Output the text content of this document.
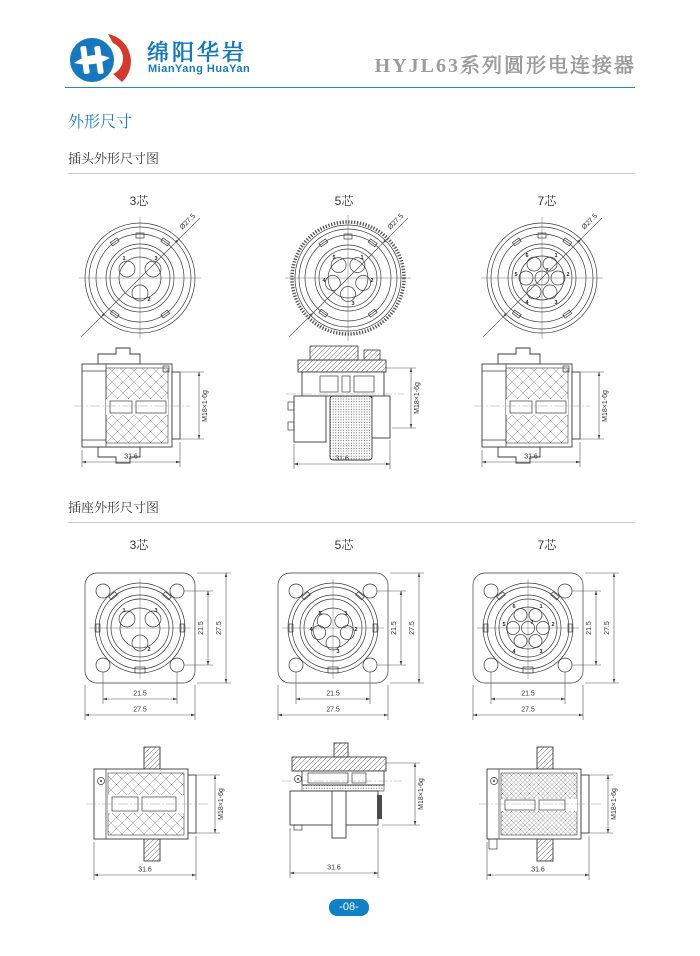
绵阳华岩
MianYang HuaYan	HYJL63系列圆形电连接器
外形尺寸
插头外形尺寸图
3芯	5芯	7芯
1	3
2
Ø27.5
1
2
3
4
5
Ø27.5
1
2
3
4
5
6
7
Ø27.5
31.6
M18×1-6g
31.6
M18×1-6g
31.6
M18×1-6g
插座外形尺寸图
3芯	5芯	7芯
1	3
2
21.5 27.5
21.5
27.5
1
2
3
4
5
21.5 27.5
21.5
27.5
1
2
3
4
5
6
7	21.5 27.5
21.5
27.5
31.6
M18×1-6g
31.6
M18×1-6g
31.6
M18×1-6g
-08-
